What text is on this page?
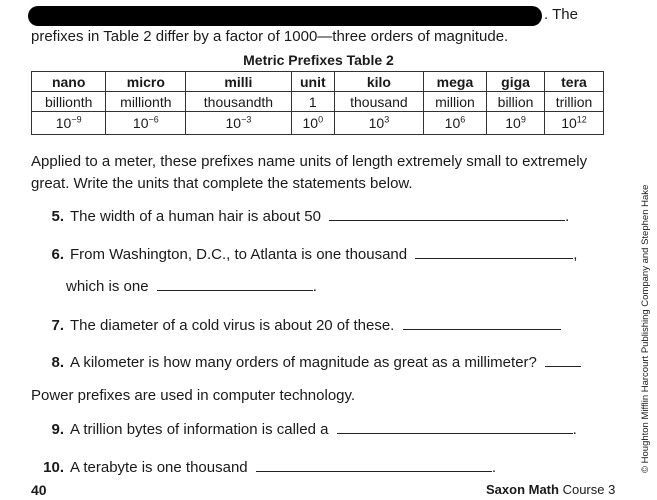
. The
prefixes in Table 2 differ by a factor of 1000—three orders of magnitude.
Metric Prefixes Table 2
nano	micro	milli	unit	kilo	mega	giga	tera
billionth	millionth	thousandth	1	thousand	million	billion	trillion
$10^{-9}$	$10^{-6}$	$10^{-3}$	$10^0$	$10^3$	$10^6$	$10^9$	$10^{12}$
Applied to a meter, these prefixes name units of length extremely small to extremely great. Write the units that complete the statements below.
5. The width of a human hair is about 50	.
6. From Washington, D.C., to Atlanta is one thousand	,
which is one	.
7. The diameter of a cold virus is about 20 of these.
8. A kilometer is how many orders of magnitude as great as a millimeter?
Power prefixes are used in computer technology.
9. A trillion bytes of information is called a	.
10. A terabyte is one thousand	.	© Houghton Mifflin Harcourt Publishing Company and Stephen Hake
40	Saxon Math Course 3
